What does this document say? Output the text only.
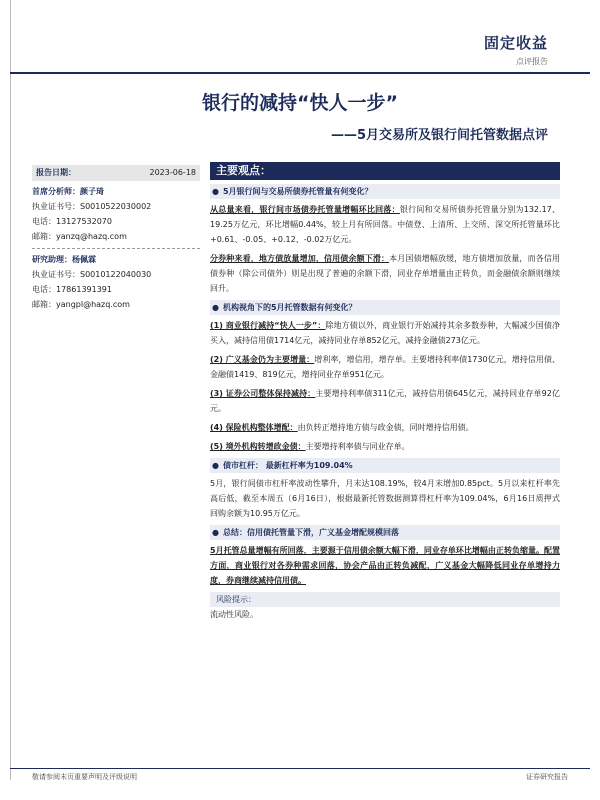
固定收益
点评报告
银行的减持“快人一步”
——5月交易所及银行间托管数据点评
报告日期：	2023-06-18
首席分析师：颜子琦
执业证书号：S0010522030002
电话：13127532070
邮箱：yanzq@hazq.com
研究助理：杨佩霖
执业证书号：S0010122040030
电话：17861391391
邮箱：yangpl@hazq.com
主要观点：
● 5月银行间与交易所债券托管量有何变化？

从总量来看，银行间市场债券托管量增幅环比回落：银行间和交易所债券托管量分别为132.17、19.25万亿元，环比增幅0.44%，较上月有所回落。中债登、上清所、上交所、深交所托管量环比+0.61、-0.05、+0.12、-0.02万亿元。

分券种来看，地方债放量增加，信用债余额下滑：本月国债增幅放缓，地方债增加放量，而各信用债券种（除公司债外）则是出现了普遍的余额下滑，同业存单增量由正转负，而金融债余额则继续回升。

● 机构视角下的5月托管数据有何变化？

(1) 商业银行减持“快人一步”：除地方债以外，商业银行开始减持其余多数券种，大幅减少国债净买入，减持信用债1714亿元，减持同业存单852亿元，减持金融债273亿元。

(2) 广义基金仍为主要增量：增利率，增信用，增存单。主要增持利率债1730亿元，增持信用债、金融债1419、819亿元，增持同业存单951亿元。

(3) 证券公司整体保持减持：主要增持利率债311亿元，减持信用债645亿元，减持同业存单92亿元。

(4) 保险机构整体增配：由负转正增持地方债与政金债，同时增持信用债。

(5) 境外机构转增政金债：主要增持利率债与同业存单。

● 债市杠杆： 最新杠杆率为109.04%

5月，银行间债市杠杆率波动性攀升，月末达108.19%，较4月末增加0.85pct。5月以来杠杆率先高后低，截至本周五（6月16日），根据最新托管数据测算得杠杆率为109.04%，6月16日质押式回购余额为10.95万亿元。

● 总结：信用债托管量下滑，广义基金增配规模回落

5月托管总量增幅有所回落，主要源于信用债余额大幅下滑，同业存单环比增幅由正转负缩量。配置方面，商业银行对各券种需求回落，协会产品由正转负减配，广义基金大幅降低同业存单增持力度，券商继续减持信用债。

风险提示：

流动性风险。

敬请参阅末页重要声明及评级说明	证券研究报告
